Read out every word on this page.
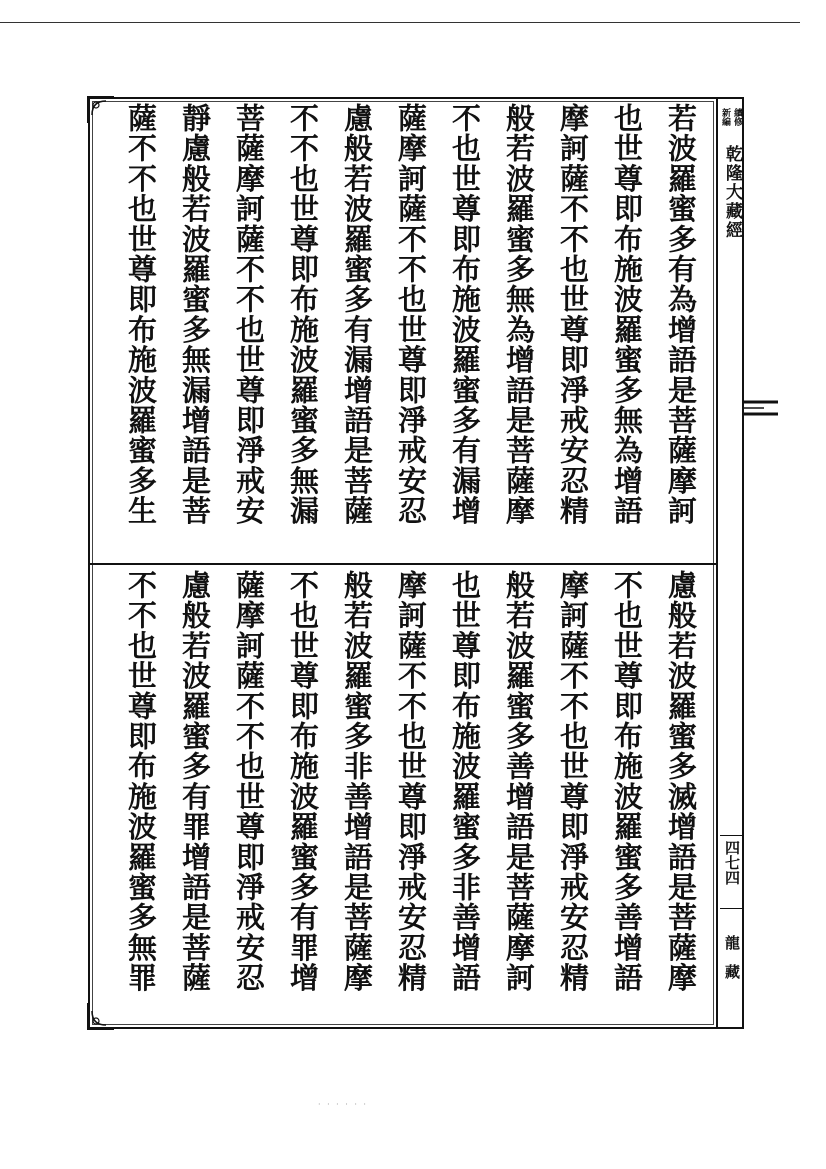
若波羅蜜多有為增語是菩薩摩訶
也世尊即布施波羅蜜多無為增語
摩訶薩不不也世尊即淨戒安忍精
般若波羅蜜多無為增語是菩薩摩
不也世尊即布施波羅蜜多有漏增
薩摩訶薩不不也世尊即淨戒安忍
慮般若波羅蜜多有漏增語是菩薩
不不也世尊即布施波羅蜜多無漏
菩薩摩訶薩不不也世尊即淨戒安
靜慮般若波羅蜜多無漏增語是菩
薩不不也世尊即布施波羅蜜多生
慮般若波羅蜜多滅增語是菩薩摩
不也世尊即布施波羅蜜多善增語
摩訶薩不不也世尊即淨戒安忍精
般若波羅蜜多善增語是菩薩摩訶
也世尊即布施波羅蜜多非善增語
摩訶薩不不也世尊即淨戒安忍精
般若波羅蜜多非善增語是菩薩摩
不也世尊即布施波羅蜜多有罪增
薩摩訶薩不不也世尊即淨戒安忍
慮般若波羅蜜多有罪增語是菩薩
不不也世尊即布施波羅蜜多無罪
新編 續修
乾隆大藏經
四七四
龍藏
· · · · · ·
